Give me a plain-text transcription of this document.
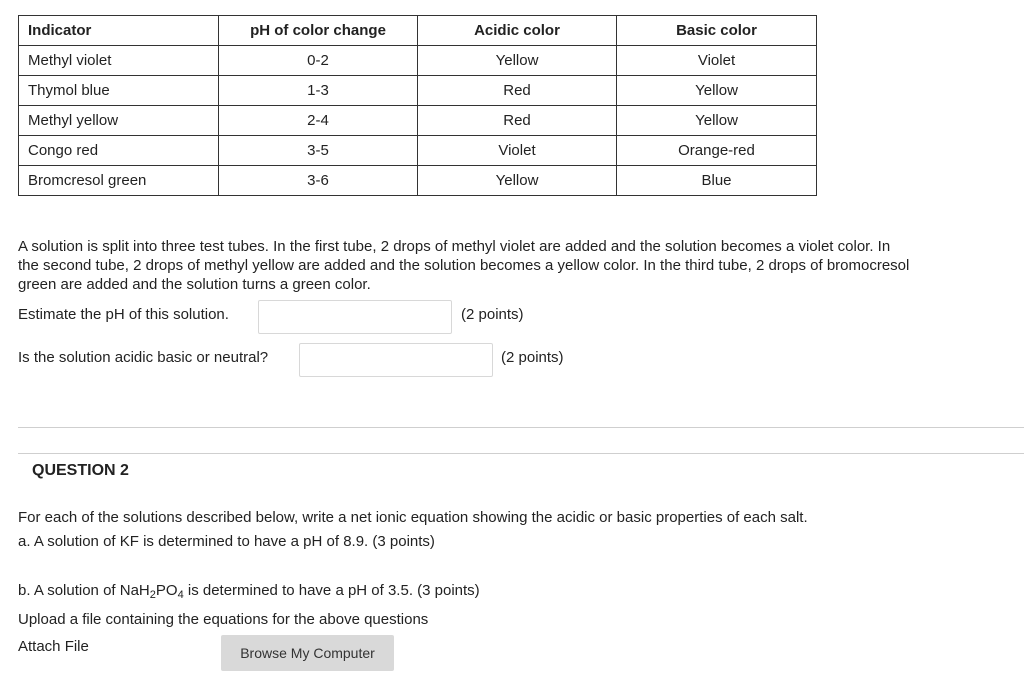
Indicator	pH of color change	Acidic color	Basic color
Methyl violet	0-2	Yellow	Violet
Thymol blue	1-3	Red	Yellow
Methyl yellow	2-4	Red	Yellow
Congo red	3-5	Violet	Orange-red
Bromcresol green	3-6	Yellow	Blue
A solution is split into three test tubes. In the first tube, 2 drops of methyl violet are added and the solution becomes a violet color. In
the second tube, 2 drops of methyl yellow are added and the solution becomes a yellow color. In the third tube, 2 drops of bromocresol
green are added and the solution turns a green color.
Estimate the pH of this solution.	(2 points)
Is the solution acidic basic or neutral?	(2 points)
QUESTION 2
For each of the solutions described below, write a net ionic equation showing the acidic or basic properties of each salt.
a. A solution of KF is determined to have a pH of 8.9. (3 points)
b. A solution of $NaH_2PO_4$ is determined to have a pH of 3.5. (3 points)
Upload a file containing the equations for the above questions
Attach File	Browse My Computer
